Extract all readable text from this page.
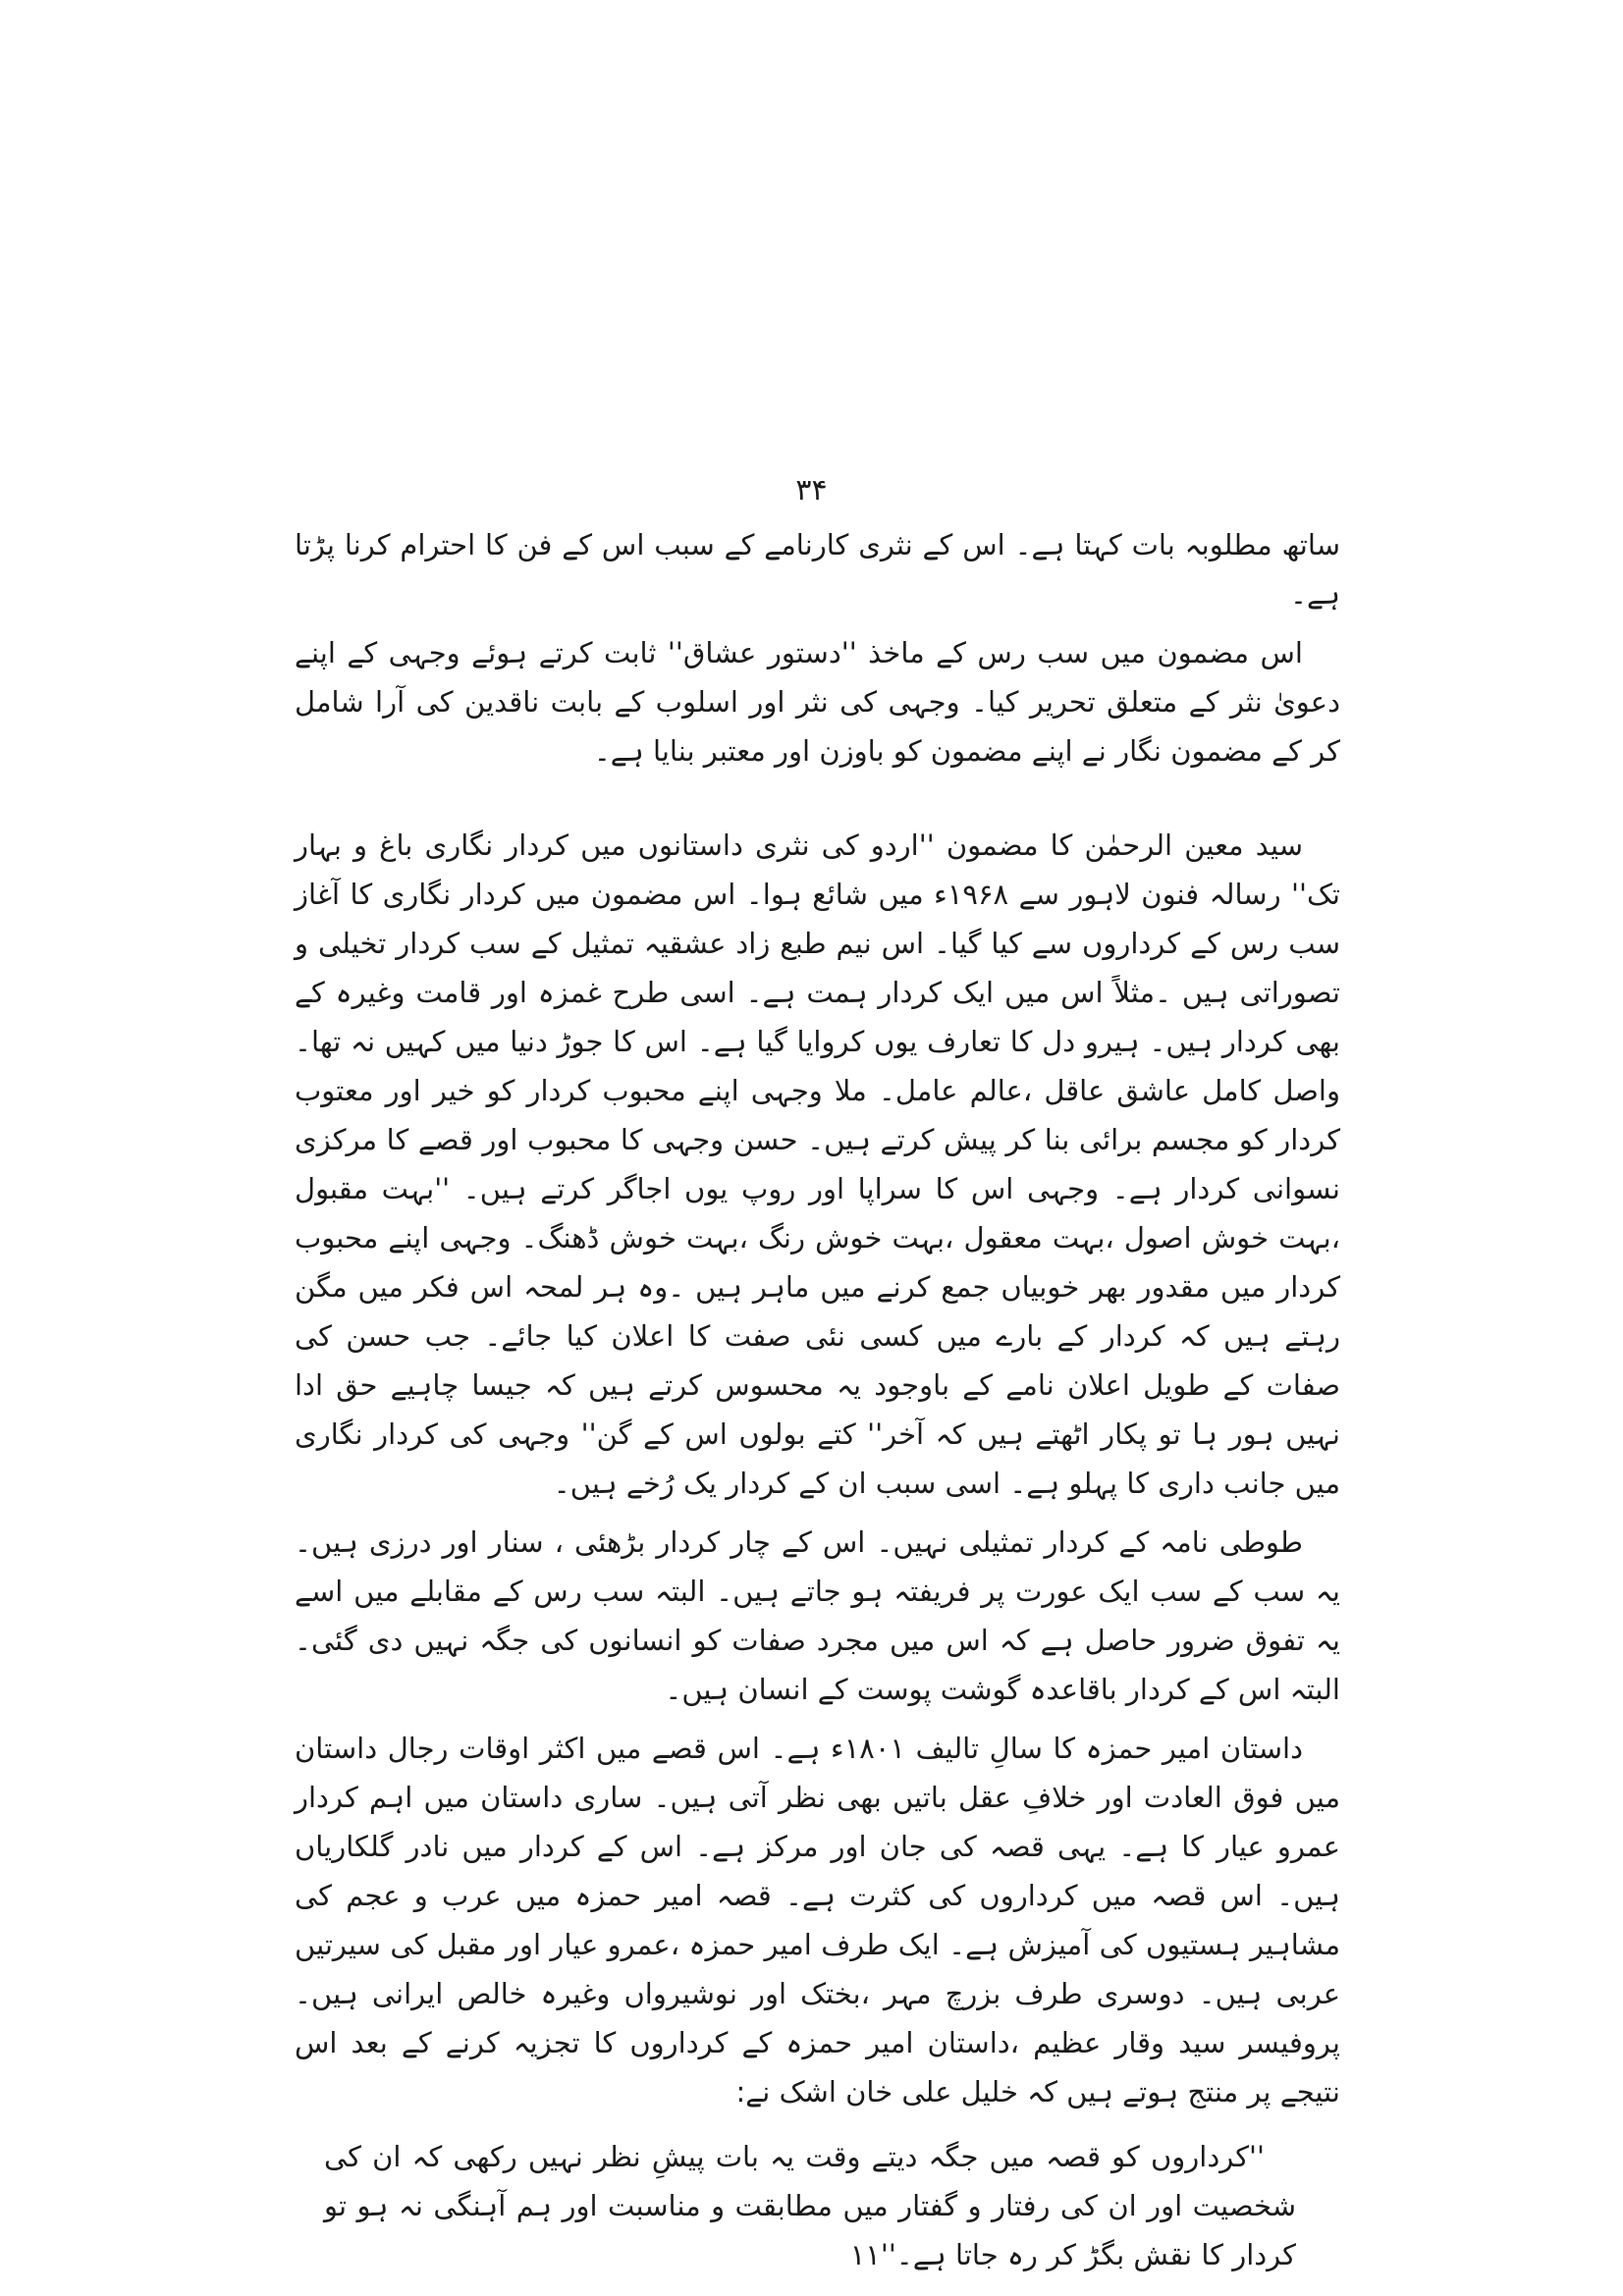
۳۴

ساتھ مطلوبہ بات کہتا ہے۔ اس کے نثری کارنامے کے سبب اس کے فن کا احترام کرنا پڑتا ہے۔

اس مضمون میں سب رس کے ماخذ ''دستور عشاق'' ثابت کرتے ہوئے وجہی کے اپنے دعویٰ نثر کے متعلق تحریر کیا۔ وجہی کی نثر اور اسلوب کے بابت ناقدین کی آرا شامل کر کے مضمون نگار نے اپنے مضمون کو باوزن اور معتبر بنایا ہے۔

سید معین الرحمٰن کا مضمون ''اردو کی نثری داستانوں میں کردار نگاری باغ و بہار تک'' رسالہ فنون لاہور سے ۱۹۶۸ء میں شائع ہوا۔ اس مضمون میں کردار نگاری کا آغاز سب رس کے کرداروں سے کیا گیا۔ اس نیم طبع زاد عشقیہ تمثیل کے سب کردار تخیلی و تصوراتی ہیں ۔مثلاً اس میں ایک کردار ہمت ہے۔ اسی طرح غمزہ اور قامت وغیرہ کے بھی کردار ہیں۔ ہیرو دل کا تعارف یوں کروایا گیا ہے۔ اس کا جوڑ دنیا میں کہیں نہ تھا۔ واصل کامل عاشق عاقل ،عالم عامل۔ ملا وجہی اپنے محبوب کردار کو خیر اور معتوب کردار کو مجسم برائی بنا کر پیش کرتے ہیں۔ حسن وجہی کا محبوب اور قصے کا مرکزی نسوانی کردار ہے۔ وجہی اس کا سراپا اور روپ یوں اجاگر کرتے ہیں۔ ''بہت مقبول ،بہت خوش اصول ،بہت معقول ،بہت خوش رنگ ،بہت خوش ڈھنگ۔ وجہی اپنے محبوب کردار میں مقدور بھر خوبیاں جمع کرنے میں ماہر ہیں ۔وہ ہر لمحہ اس فکر میں مگن رہتے ہیں کہ کردار کے بارے میں کسی نئی صفت کا اعلان کیا جائے۔ جب حسن کی صفات کے طویل اعلان نامے کے باوجود یہ محسوس کرتے ہیں کہ جیسا چاہیے حق ادا نہیں ہور ہا تو پکار اٹھتے ہیں کہ آخر'' کتے بولوں اس کے گن'' وجہی کی کردار نگاری میں جانب داری کا پہلو ہے۔ اسی سبب ان کے کردار یک رُخے ہیں۔

طوطی نامہ کے کردار تمثیلی نہیں۔ اس کے چار کردار بڑھئی ، سنار اور درزی ہیں۔ یہ سب کے سب ایک عورت پر فریفتہ ہو جاتے ہیں۔ البتہ سب رس کے مقابلے میں اسے یہ تفوق ضرور حاصل ہے کہ اس میں مجرد صفات کو انسانوں کی جگہ نہیں دی گئی۔ البتہ اس کے کردار باقاعدہ گوشت پوست کے انسان ہیں۔

داستان امیر حمزہ کا سالِ تالیف ۱۸۰۱ء ہے۔ اس قصے میں اکثر اوقات رجال داستان میں فوق العادت اور خلافِ عقل باتیں بھی نظر آتی ہیں۔ ساری داستان میں اہم کردار عمرو عیار کا ہے۔ یہی قصہ کی جان اور مرکز ہے۔ اس کے کردار میں نادر گلکاریاں ہیں۔ اس قصہ میں کرداروں کی کثرت ہے۔ قصہ امیر حمزہ میں عرب و عجم کی مشاہیر ہستیوں کی آمیزش ہے۔ ایک طرف امیر حمزہ ،عمرو عیار اور مقبل کی سیرتیں عربی ہیں۔ دوسری طرف بزرچ مہر ،بختک اور نوشیرواں وغیرہ خالص ایرانی ہیں۔ پروفیسر سید وقار عظیم ،داستان امیر حمزہ کے کرداروں کا تجزیہ کرنے کے بعد اس نتیجے پر منتج ہوتے ہیں کہ خلیل علی خان اشک نے:

''کرداروں کو قصہ میں جگہ دیتے وقت یہ بات پیشِ نظر نہیں رکھی کہ ان کی شخصیت اور ان کی رفتار و گفتار میں مطابقت و مناسبت اور ہم آہنگی نہ ہو تو کردار کا نقش بگڑ کر رہ جاتا ہے۔''١١
